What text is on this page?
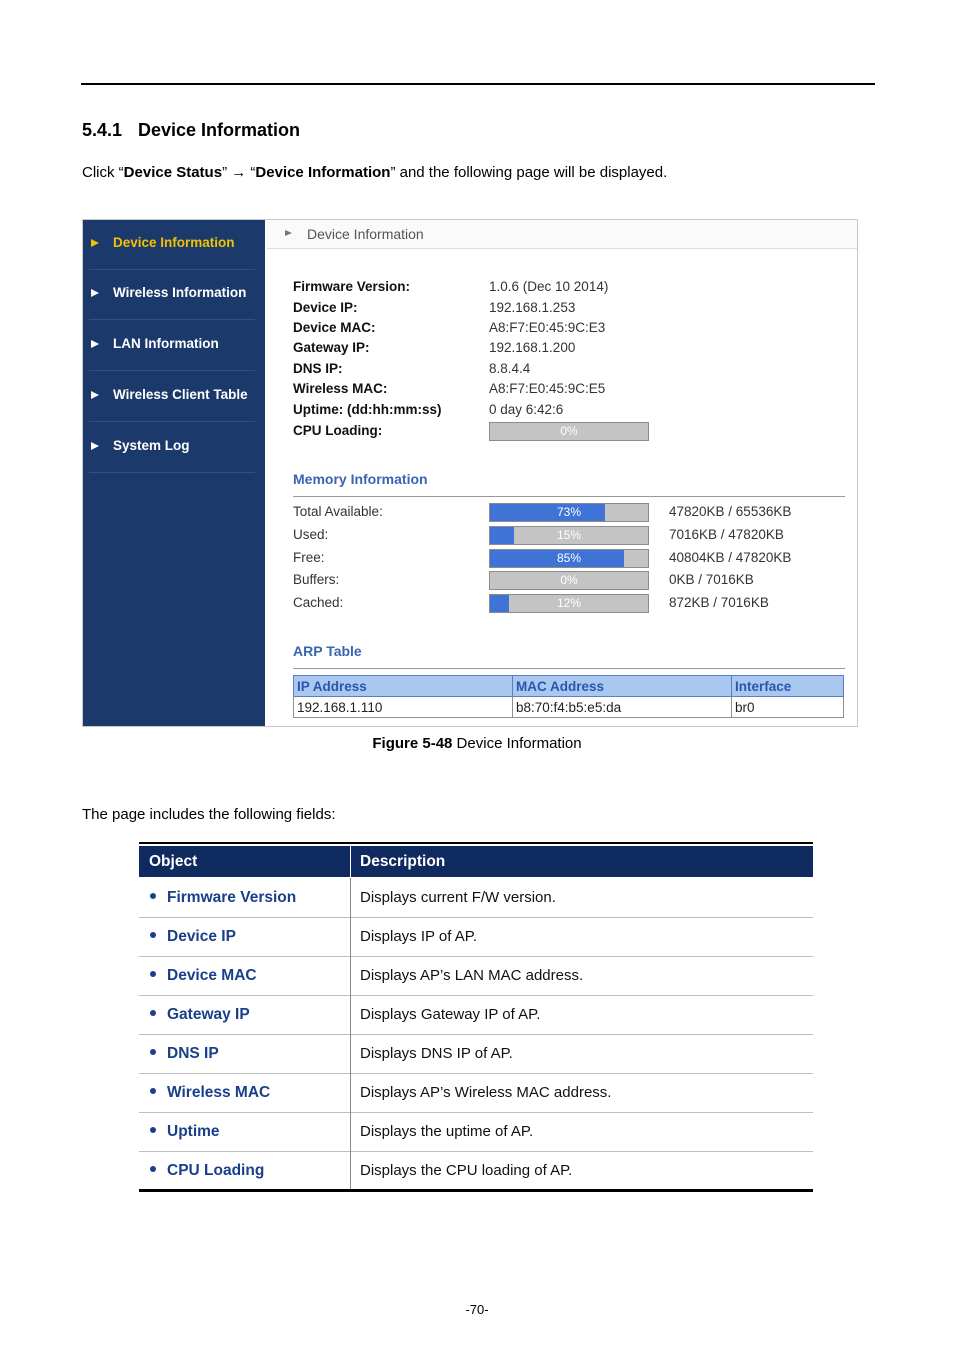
5.4.1 Device Information
Click “Device Status” → “Device Information” and the following page will be displayed.
Device Information
Wireless Information
LAN Information
Wireless Client Table
System Log
Device Information
Firmware Version:	1.0.6 (Dec 10 2014)
Device IP:	192.168.1.253
Device MAC:	A8:F7:E0:45:9C:E3
Gateway IP:	192.168.1.200
DNS IP:	8.8.4.4
Wireless MAC:	A8:F7:E0:45:9C:E5
Uptime: (dd:hh:mm:ss)	0 day 6:42:6
CPU Loading:	0%
Memory Information
Total Available:	73%	47820KB / 65536KB
Used:	15%	7016KB / 47820KB
Free:	85%	40804KB / 47820KB
Buffers:	0%	0KB / 7016KB
Cached:	12%	872KB / 7016KB
ARP Table
IP Address	MAC Address	Interface
192.168.1.110	b8:70:f4:b5:e5:da	br0
Figure 5-48 Device Information
The page includes the following fields:
Object	Description
Firmware Version	Displays current F/W version.
Device IP	Displays IP of AP.
Device MAC	Displays AP’s LAN MAC address.
Gateway IP	Displays Gateway IP of AP.
DNS IP	Displays DNS IP of AP.
Wireless MAC	Displays AP’s Wireless MAC address.
Uptime	Displays the uptime of AP.
CPU Loading	Displays the CPU loading of AP.
-70-
